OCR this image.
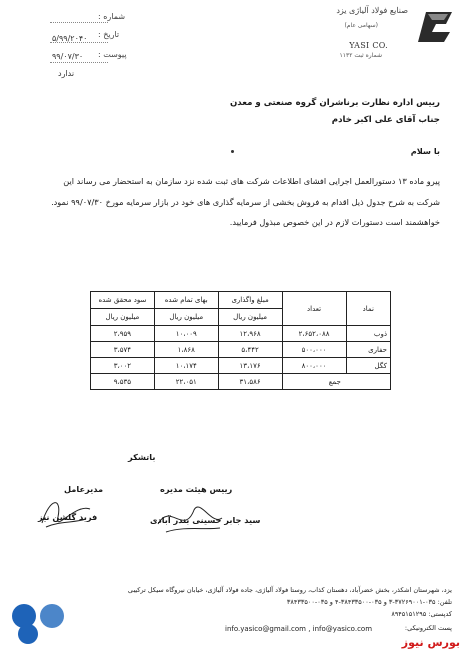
صنایع فولاد آلیاژی یزد
(سهامی عام)
YASI CO.
شماره ثبت ۱۱۳۲
شماره :
تاریخ :
۵/۹۹/۲۰۴۰
پیوست :
۹۹/۰۷/۳۰
ندارد
رییس اداره نظارت برناشران گروه صنعتی و معدن
جناب آقای علی اکبر خادم
با سلام
پیرو ماده ۱۳ دستورالعمل اجرایی افشای اطلاعات شرکت های ثبت شده نزد سازمان به استحضار می رساند این
شرکت به شرح جدول ذیل اقدام به فروش بخشی از سرمایه گذاری های خود در بازار سرمایه مورخ ۹۹/۰۷/۳۰ نمود.
خواهشمند است دستورات لازم در این خصوص مبذول فرمایید.
نماد	تعداد	مبلغ واگذاری	بهای تمام شده	سود محقق شده
		میلیون ریال	میلیون ریال	میلیون ریال
ذوب	۲،۶۵۲،۰۸۸	۱۲،۹۶۸	۱۰،۰۰۹	۲،۹۵۹
حفاری	۵۰۰،۰۰۰	۵،۴۴۲	۱،۸۶۸	۳،۵۷۴
کگل	۸۰۰،۰۰۰	۱۳،۱۷۶	۱۰،۱۷۴	۳،۰۰۲
جمع		۳۱،۵۸۶	۲۲،۰۵۱	۹،۵۳۵
باتشکر
مدیرعامل	رییس هیئت مدیره
فرید گلشن نیز	سید جابر حسینی بندر آبادی
یزد، شهرستان اشکذر، بخش خضرآباد، دهستان کذاب، روستا فولاد آلیاژی، جاده فولاد آلیاژی، خیابان نیروگاه سیکل ترکیبی
تلفن: ۰۳۵-۳۷۲۶۹۰۰۱-۳ و ۰۳۵-۳۸۴۳۳۵۰۰-۴ و ۰۳۵-۳۸۴۳۳۵۰۰
کدپستی: ۸۹۴۵۱۵۱۲۹۵
پست الکترونیکی:
info.yasico@gmail.com , info@yasico.com
بورس نیوز
